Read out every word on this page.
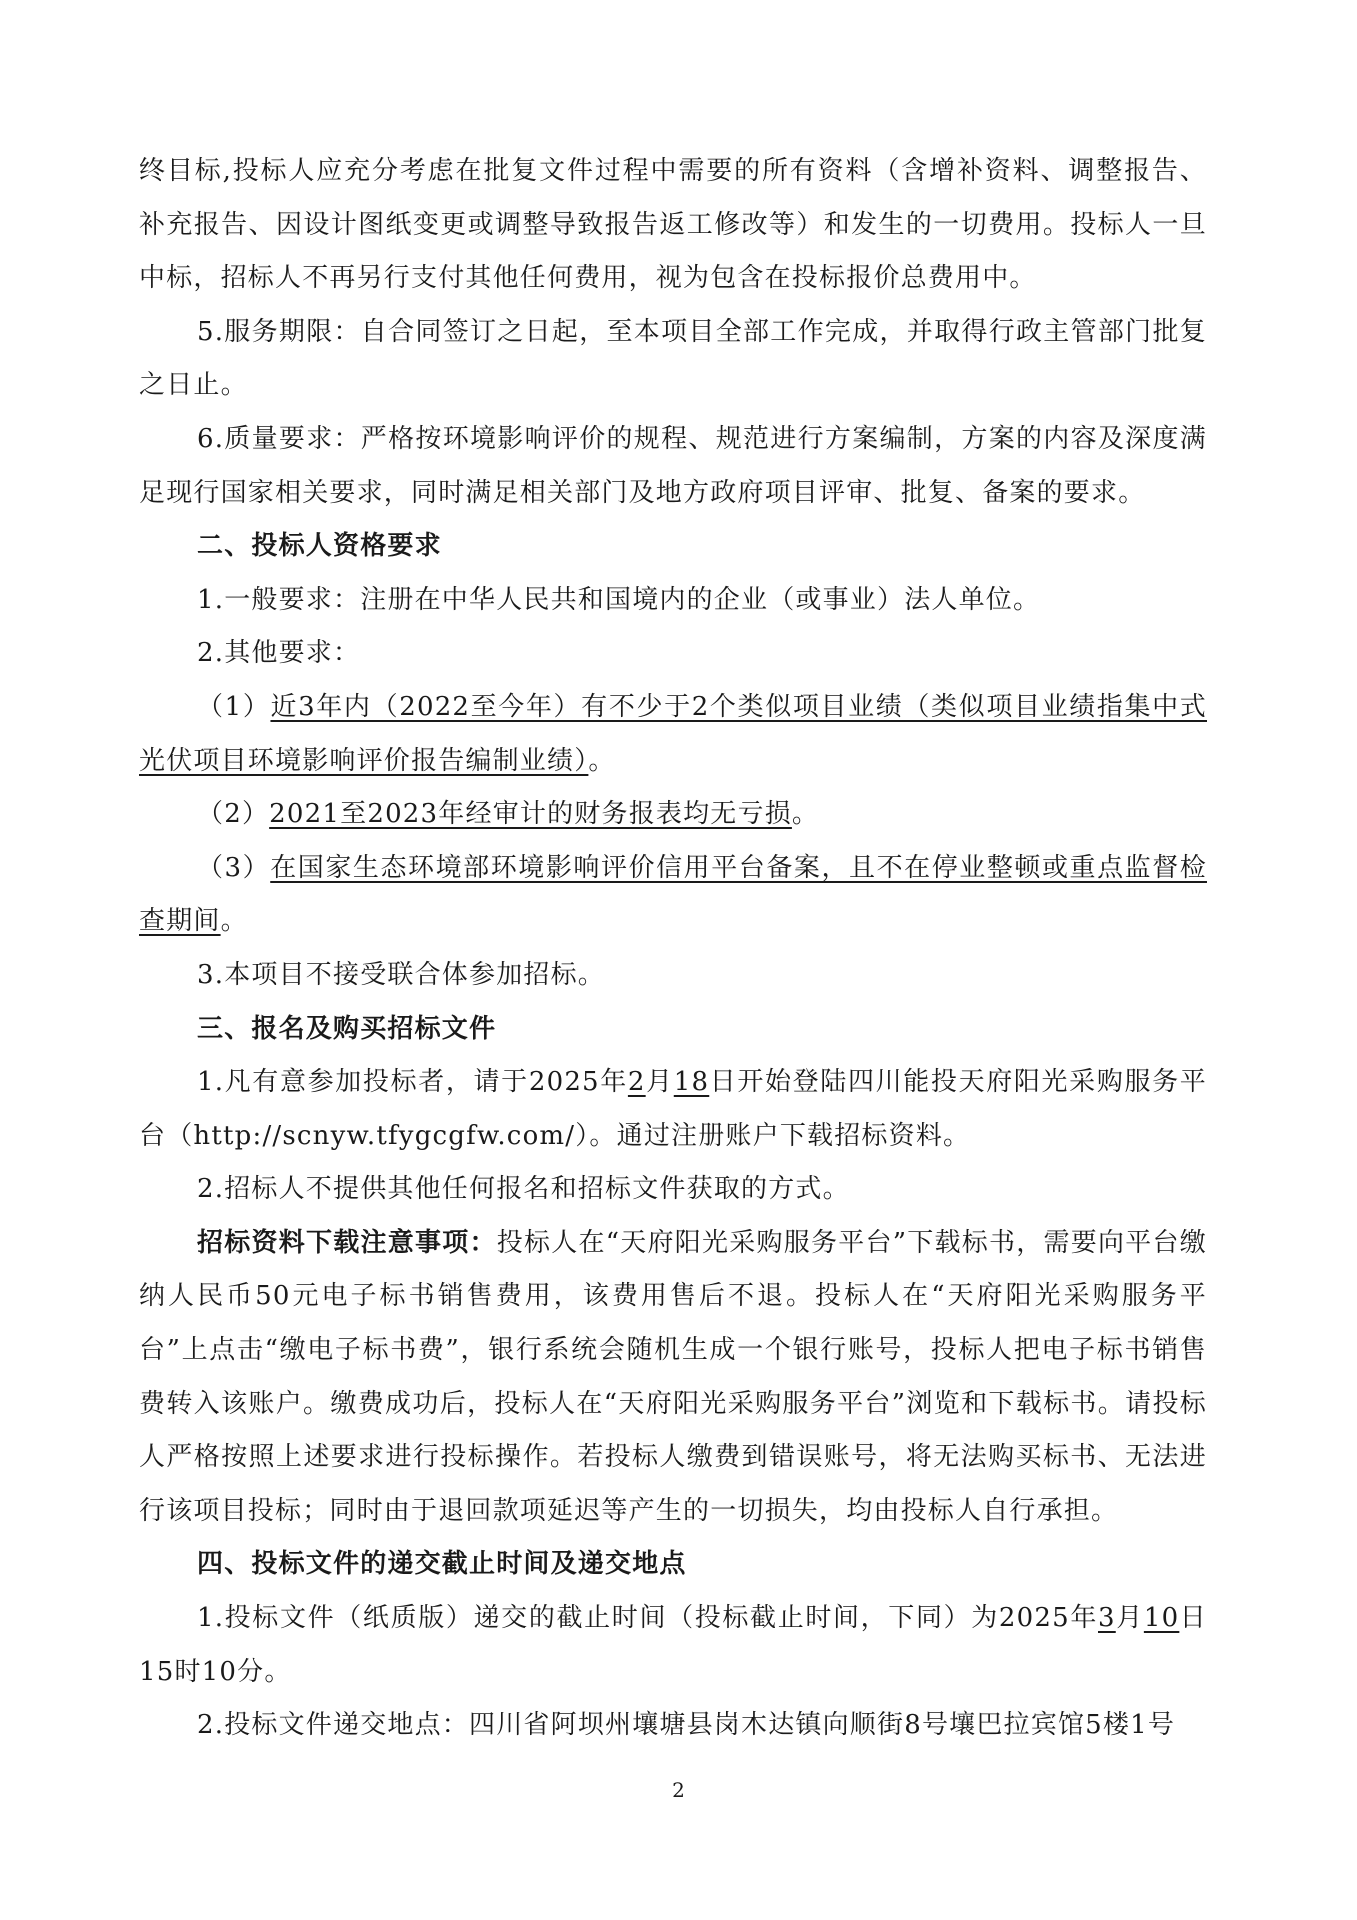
终目标,投标人应充分考虑在批复文件过程中需要的所有资料（含增补资料、调整报告、补充报告、因设计图纸变更或调整导致报告返工修改等）和发生的一切费用。投标人一旦中标，招标人不再另行支付其他任何费用，视为包含在投标报价总费用中。

5.服务期限：自合同签订之日起，至本项目全部工作完成，并取得行政主管部门批复之日止。

6.质量要求：严格按环境影响评价的规程、规范进行方案编制，方案的内容及深度满足现行国家相关要求，同时满足相关部门及地方政府项目评审、批复、备案的要求。

二、投标人资格要求

1.一般要求：注册在中华人民共和国境内的企业（或事业）法人单位。

2.其他要求：

（1）近3年内（2022至今年）有不少于2个类似项目业绩（类似项目业绩指集中式光伏项目环境影响评价报告编制业绩）。

（2）2021至2023年经审计的财务报表均无亏损。

（3）在国家生态环境部环境影响评价信用平台备案，且不在停业整顿或重点监督检查期间。

3.本项目不接受联合体参加招标。

三、报名及购买招标文件

1.凡有意参加投标者，请于2025年2月18日开始登陆四川能投天府阳光采购服务平台（http://scnyw.tfygcgfw.com/）。通过注册账户下载招标资料。

2.招标人不提供其他任何报名和招标文件获取的方式。

招标资料下载注意事项：投标人在“天府阳光采购服务平台”下载标书，需要向平台缴纳人民币50元电子标书销售费用，该费用售后不退。投标人在“天府阳光采购服务平台”上点击“缴电子标书费”，银行系统会随机生成一个银行账号，投标人把电子标书销售费转入该账户。缴费成功后，投标人在“天府阳光采购服务平台”浏览和下载标书。请投标人严格按照上述要求进行投标操作。若投标人缴费到错误账号，将无法购买标书、无法进行该项目投标；同时由于退回款项延迟等产生的一切损失，均由投标人自行承担。

四、投标文件的递交截止时间及递交地点

1.投标文件（纸质版）递交的截止时间（投标截止时间，下同）为2025年3月10日15时10分。

2.投标文件递交地点：四川省阿坝州壤塘县岗木达镇向顺街8号壤巴拉宾馆5楼1号

2
